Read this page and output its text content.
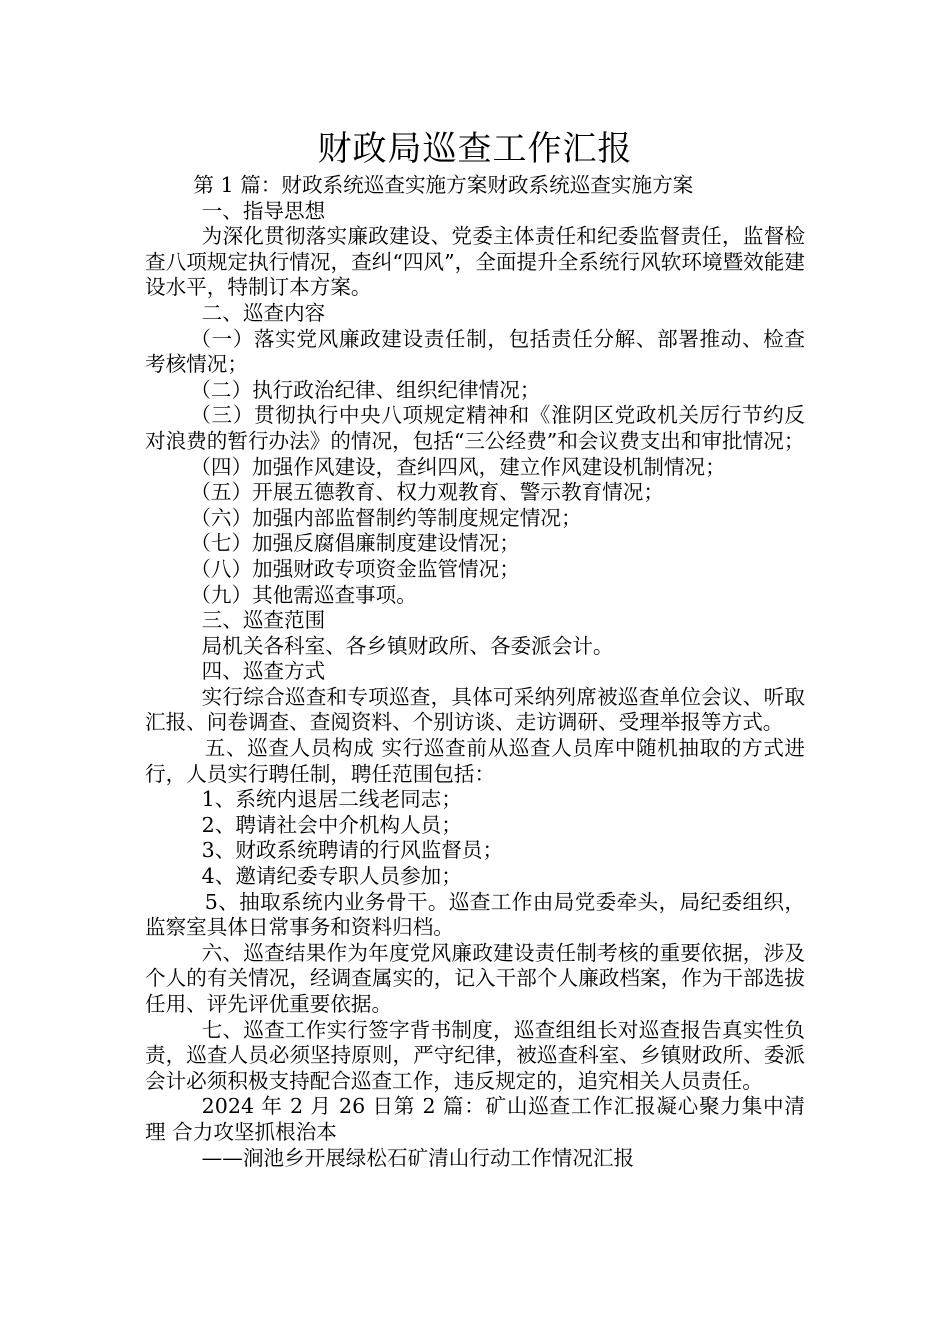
财政局巡查工作汇报

第 1 篇：财政系统巡查实施方案财政系统巡查实施方案

一、指导思想

为深化贯彻落实廉政建设、党委主体责任和纪委监督责任，监督检查八项规定执行情况，查纠“四风”，全面提升全系统行风软环境暨效能建设水平，特制订本方案。

二、巡查内容

（一）落实党风廉政建设责任制，包括责任分解、部署推动、检查考核情况；

（二）执行政治纪律、组织纪律情况；

（三）贯彻执行中央八项规定精神和《淮阴区党政机关厉行节约反对浪费的暂行办法》的情况，包括“三公经费”和会议费支出和审批情况；

（四）加强作风建设，查纠四风，建立作风建设机制情况；

（五）开展五德教育、权力观教育、警示教育情况；

（六）加强内部监督制约等制度规定情况；

（七）加强反腐倡廉制度建设情况；

（八）加强财政专项资金监管情况；

（九）其他需巡查事项。

三、巡查范围

局机关各科室、各乡镇财政所、各委派会计。

四、巡查方式

实行综合巡查和专项巡查，具体可采纳列席被巡查单位会议、听取汇报、问卷调查、查阅资料、个别访谈、走访调研、受理举报等方式。

五、巡查人员构成 实行巡查前从巡查人员库中随机抽取的方式进行，人员实行聘任制，聘任范围包括：

1、系统内退居二线老同志；

2、聘请社会中介机构人员；

3、财政系统聘请的行风监督员；

4、邀请纪委专职人员参加；

5、抽取系统内业务骨干。巡查工作由局党委牵头，局纪委组织，监察室具体日常事务和资料归档。

六、巡查结果作为年度党风廉政建设责任制考核的重要依据，涉及个人的有关情况，经调查属实的，记入干部个人廉政档案，作为干部选拔任用、评先评优重要依据。

七、巡查工作实行签字背书制度，巡查组组长对巡查报告真实性负责，巡查人员必须坚持原则，严守纪律，被巡查科室、乡镇财政所、委派会计必须积极支持配合巡查工作，违反规定的，追究相关人员责任。

2024 年 2 月 26 日第 2 篇：矿山巡查工作汇报凝心聚力集中清理 合力攻坚抓根治本

——涧池乡开展绿松石矿清山行动工作情况汇报
